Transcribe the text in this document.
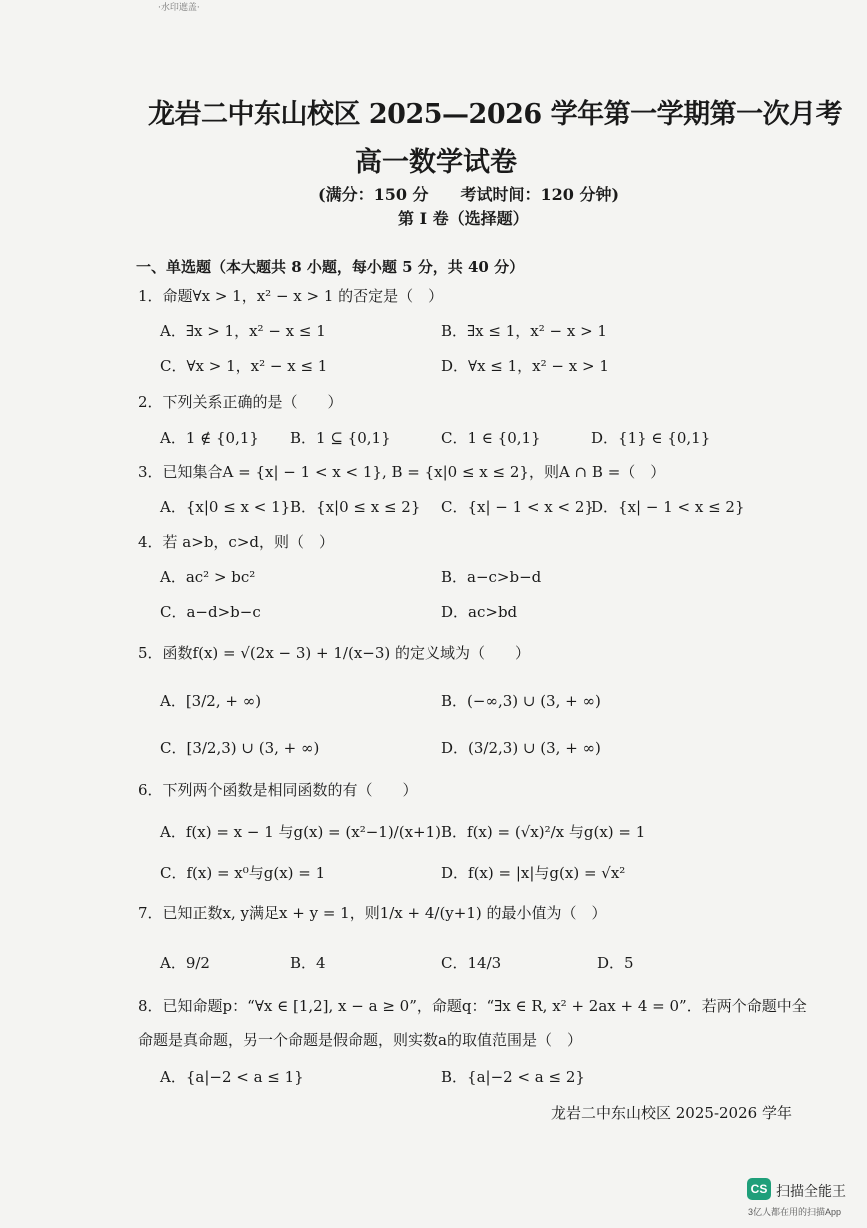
·水印遮盖·
龙岩二中东山校区 2025—2026 学年第一学期第一次月考
高一数学试卷
(满分：150 分　　考试时间：120 分钟)
第 I 卷（选择题）
一、单选题（本大题共 8 小题，每小题 5 分，共 40 分）
1．命题∀x > 1，x² − x > 1 的否定是（　）
A．∃x > 1，x² − x ≤ 1	B．∃x ≤ 1，x² − x > 1
C．∀x > 1，x² − x ≤ 1	D．∀x ≤ 1，x² − x > 1
2．下列关系正确的是（　　）
A．1 ∉ {0,1} B．1 ⊆ {0,1}	C．1 ∈ {0,1}	D．{1} ∈ {0,1}
3．已知集合A = {x| − 1 < x < 1}, B = {x|0 ≤ x ≤ 2}，则A ∩ B =（　）
A．{x|0 ≤ x < 1} B．{x|0 ≤ x ≤ 2} C．{x| − 1 < x < 2}
D．{x| − 1 < x ≤ 2}
4．若 a>b，c>d，则（　）
A．ac² > bc²	B．a−c>b−d
C．a−d>b−c	D．ac>bd
5．函数f(x) = √(2x − 3) + 1/(x−3) 的定义域为（　　）
A．[3/2, + ∞)	B．(−∞,3) ∪ (3, + ∞)
C．[3/2,3) ∪ (3, + ∞)	D．(3/2,3) ∪ (3, + ∞)
6．下列两个函数是相同函数的有（　　）
A．f(x) = x − 1 与g(x) = (x²−1)/(x+1) B．f(x) = (√x)²/x 与g(x) = 1
C．f(x) = x⁰与g(x) = 1	D．f(x) = |x|与g(x) = √x²
7．已知正数x, y满足x + y = 1，则1/x + 4/(y+1) 的最小值为（　）
A．9/2	B．4	C．14/3	D．5
8．已知命题p：“∀x ∈ [1,2], x − a ≥ 0”，命题q：“∃x ∈ R, x² + 2ax + 4 = 0”．若两个命题中全
命题是真命题，另一个命题是假命题，则实数a的取值范围是（　）
A．{a|−2 < a ≤ 1}	B．{a|−2 < a ≤ 2}
龙岩二中东山校区 2025-2026 学年
CS 扫描全能王
3亿人都在用的扫描App
